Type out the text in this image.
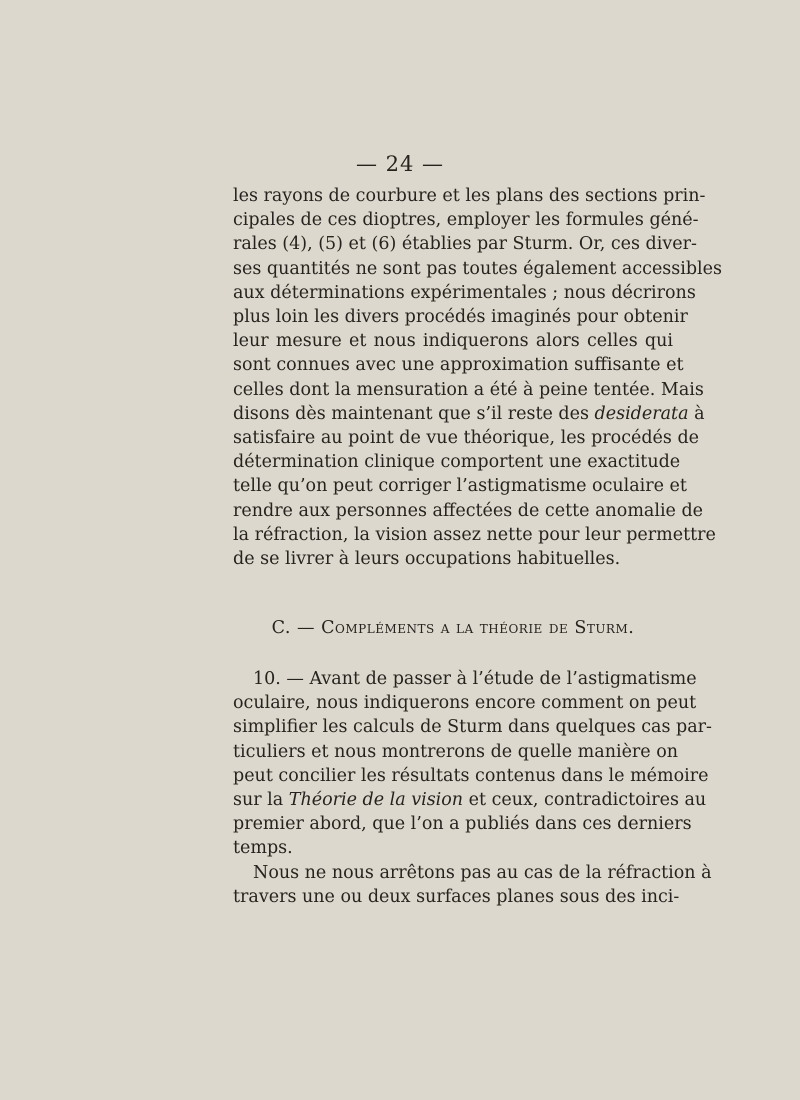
— 24 —
les rayons de courbure et les plans des sections prin-
cipales de ces dioptres, employer les formules géné-
rales (4), (5) et (6) établies par Sturm. Or, ces diver-
ses quantités ne sont pas toutes également accessibles
aux déterminations expérimentales ; nous décrirons
plus loin les divers procédés imaginés pour obtenir
leur mesure et nous indiquerons alors celles qui
sont connues avec une approximation suffisante et
celles dont la mensuration a été à peine tentée. Mais
disons dès maintenant que s’il reste des desiderata à
satisfaire au point de vue théorique, les procédés de
détermination clinique comportent une exactitude
telle qu’on peut corriger l’astigmatisme oculaire et
rendre aux personnes affectées de cette anomalie de
la réfraction, la vision assez nette pour leur permettre
de se livrer à leurs occupations habituelles.
C. — Compléments a la théorie de Sturm.
10. — Avant de passer à l’étude de l’astigmatisme
oculaire, nous indiquerons encore comment on peut
simplifier les calculs de Sturm dans quelques cas par-
ticuliers et nous montrerons de quelle manière on
peut concilier les résultats contenus dans le mémoire
sur la Théorie de la vision et ceux, contradictoires au
premier abord, que l’on a publiés dans ces derniers
temps.
Nous ne nous arrêtons pas au cas de la réfraction à
travers une ou deux surfaces planes sous des inci-
